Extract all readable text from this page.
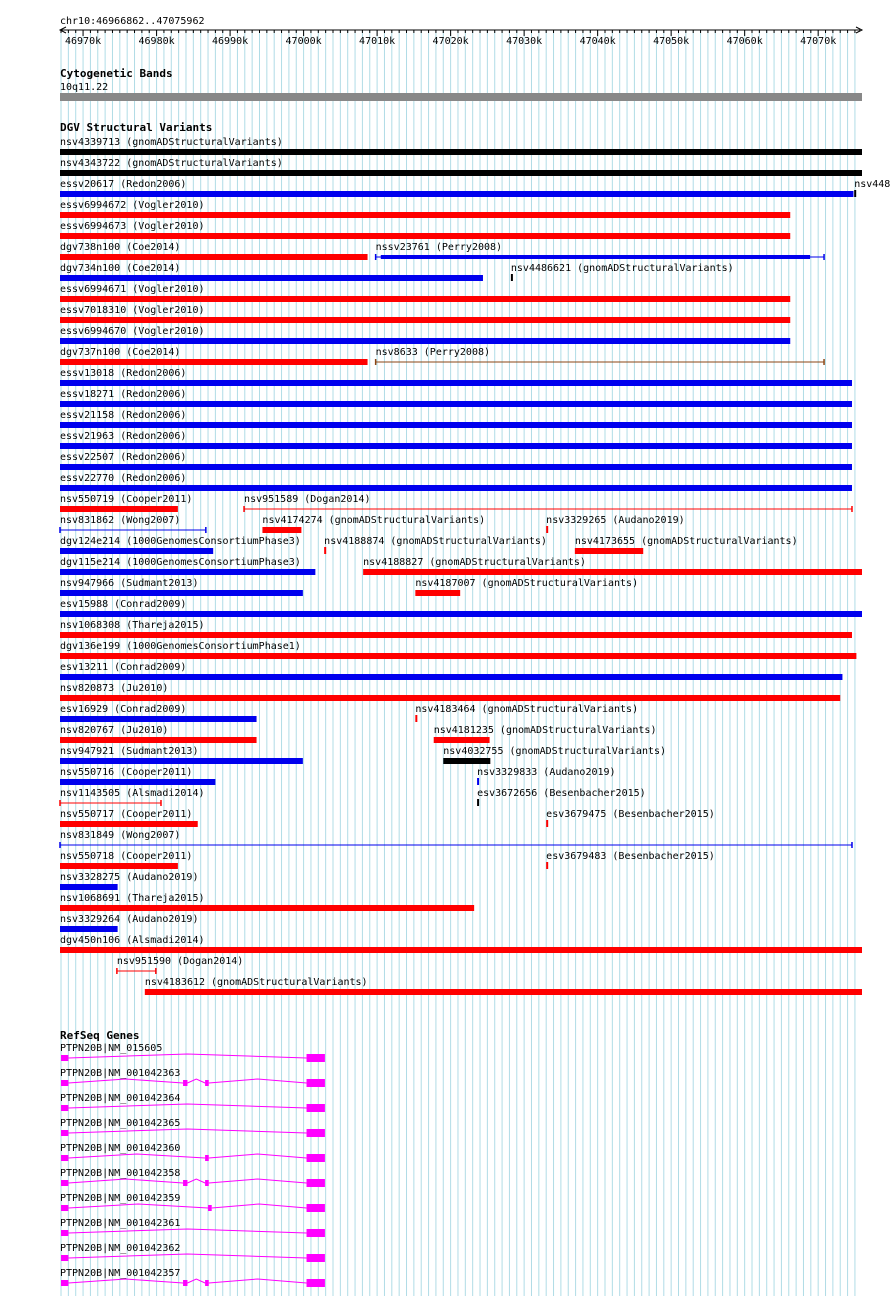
chr10:46966862..47075962
46970k	46980k	46990k	47000k	47010k	47020k	47030k	47040k	47050k	47060k	47070k
Cytogenetic Bands
10q11.22
DGV Structural Variants
nsv4339713 (gnomADStructuralVariants)
nsv4343722 (gnomADStructuralVariants)
essv20617 (Redon2006)	nsv448
essv6994672 (Vogler2010)
essv6994673 (Vogler2010)
dgv738n100 (Coe2014)	nssv23761 (Perry2008)
dgv734n100 (Coe2014)	nsv4486621 (gnomADStructuralVariants)
essv6994671 (Vogler2010)
essv7018310 (Vogler2010)
essv6994670 (Vogler2010)
dgv737n100 (Coe2014)	nsv8633 (Perry2008)
essv13018 (Redon2006)
essv18271 (Redon2006)
essv21158 (Redon2006)
essv21963 (Redon2006)
essv22507 (Redon2006)
essv22770 (Redon2006)
nsv550719 (Cooper2011)	nsv951589 (Dogan2014)
nsv831862 (Wong2007)	nsv4174274 (gnomADStructuralVariants)	nsv3329265 (Audano2019)
dgv124e214 (1000GenomesConsortiumPhase3) nsv4188874 (gnomADStructuralVariants)	nsv4173655 (gnomADStructuralVariants)
dgv115e214 (1000GenomesConsortiumPhase3)	nsv4188827 (gnomADStructuralVariants)
nsv947966 (Sudmant2013)	nsv4187007 (gnomADStructuralVariants)
esv15988 (Conrad2009)
nsv1068308 (Thareja2015)
dgv136e199 (1000GenomesConsortiumPhase1)
esv13211 (Conrad2009)
nsv820873 (Ju2010)
esv16929 (Conrad2009)	nsv4183464 (gnomADStructuralVariants)
nsv820767 (Ju2010)	nsv4181235 (gnomADStructuralVariants)
nsv947921 (Sudmant2013)	nsv4032755 (gnomADStructuralVariants)
nsv550716 (Cooper2011)	nsv3329833 (Audano2019)
nsv1143505 (Alsmadi2014)	esv3672656 (Besenbacher2015)
nsv550717 (Cooper2011)	esv3679475 (Besenbacher2015)
nsv831849 (Wong2007)
nsv550718 (Cooper2011)	esv3679483 (Besenbacher2015)
nsv3328275 (Audano2019)
nsv1068691 (Thareja2015)
nsv3329264 (Audano2019)
dgv450n106 (Alsmadi2014)
nsv951590 (Dogan2014)
nsv4183612 (gnomADStructuralVariants)
RefSeq Genes
PTPN20B|NM_015605
PTPN20B|NM_001042363
PTPN20B|NM_001042364
PTPN20B|NM_001042365
PTPN20B|NM_001042360
PTPN20B|NM_001042358
PTPN20B|NM_001042359
PTPN20B|NM_001042361
PTPN20B|NM_001042362
PTPN20B|NM_001042357
